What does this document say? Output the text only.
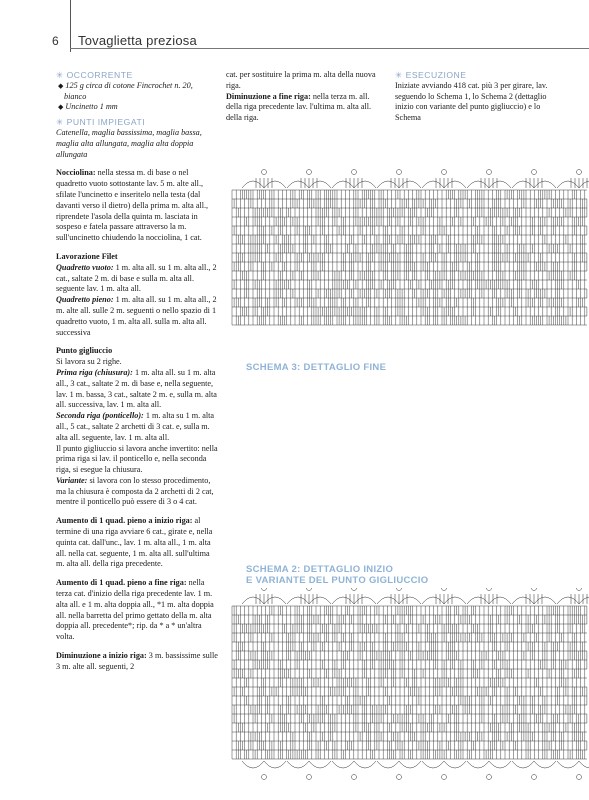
6 Tovaglietta preziosa
✳ OCCORRENTE
◆ 125 g circa di cotone Fincrochet n. 20,
bianco
◆ Uncinetto 1 mm
✳ PUNTI IMPIEGATI

Catenella, maglia bassissima, maglia bassa, maglia alta allungata, maglia alta doppia allungata

Nocciolina: nella stessa m. di base o nel quadretto vuoto sottostante lav. 5 m. alte all., sfilate l'uncinetto e inseritelo nella testa (dal davanti verso il dietro) della prima m. alta all., riprendete l'asola della quinta m. lasciata in sospeso e fatela passare attraverso la m. sull'uncinetto chiudendo la nocciolina, 1 cat.

Lavorazione Filet

Quadretto vuoto: 1 m. alta all. su 1 m. alta all., 2 cat., saltate 2 m. di base e sulla m. alta all. seguente lav. 1 m. alta all.

Quadretto pieno: 1 m. alta all. su 1 m. alta all., 2 m. alte all. sulle 2 m. seguenti o nello spazio di 1 quadretto vuoto, 1 m. alta all. sulla m. alta all. successiva

Punto gigliuccio

Si lavora su 2 righe.

Prima riga (chiusura): 1 m. alta all. su 1 m. alta all., 3 cat., saltate 2 m. di base e, nella seguente, lav. 1 m. bassa, 3 cat., saltate 2 m. e, sulla m. alta all. successiva, lav. 1 m. alta all.

Seconda riga (ponticello): 1 m. alta su 1 m. alta all., 5 cat., saltate 2 archetti di 3 cat. e, sulla m. alta all. seguente, lav. 1 m. alta all.

Il punto gigliuccio si lavora anche invertito: nella prima riga si lav. il ponticello e, nella seconda riga, si esegue la chiusura.

Variante: si lavora con lo stesso procedimento, ma la chiusura è composta da 2 archetti di 2 cat, mentre il ponticello può essere di 3 o 4 cat.

Aumento di 1 quad. pieno a inizio riga: al termine di una riga avviare 6 cat., girate e, nella quinta cat. dall'unc., lav. 1 m. alta all., 1 m. alta all. nella cat. seguente, 1 m. alta all. sull'ultima m. alta all. della riga precedente.

Aumento di 1 quad. pieno a fine riga: nella terza cat. d'inizio della riga precedente lav. 1 m. alta all. e 1 m. alta doppia all., *1 m. alta doppia all. nella barretta del primo gettato della m. alta doppia all. precedente*; rip. da * a * un'altra volta.

Diminuzione a inizio riga: 3 m. bassissime sulle 3 m. alte all. seguenti, 2

cat. per sostituire la prima m. alta della nuova riga.

Diminuzione a fine riga: nella terza m. all. della riga precedente lav. l'ultima m. alta all. della riga.

✳ ESECUZIONE

Iniziate avviando 418 cat. più 3 per girare, lav. seguendo lo Schema 1, lo Schema 2 (dettaglio inizio con variante del punto gigliuccio) e lo Schema

SCHEMA 3: DETTAGLIO FINE
SCHEMA 2: DETTAGLIO INIZIO
E VARIANTE DEL PUNTO GIGLIUCCIO
